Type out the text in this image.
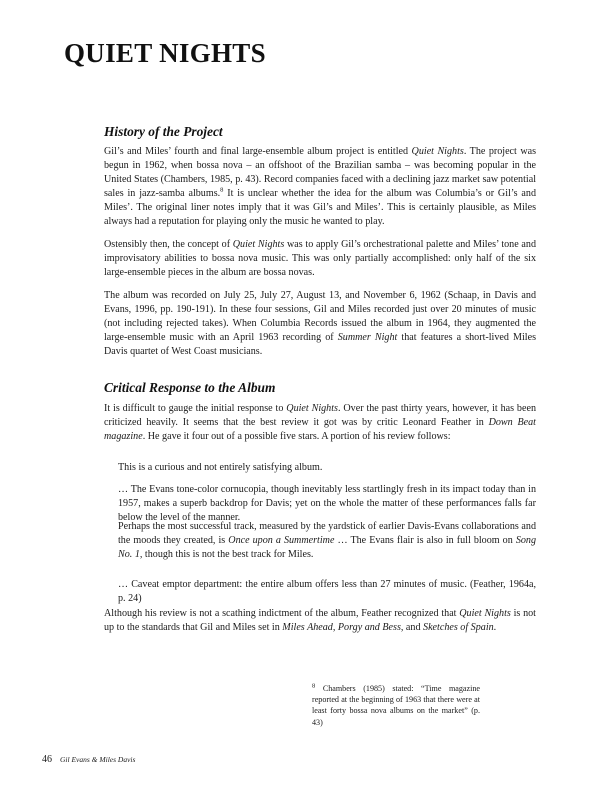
QUIET NIGHTS
History of the Project

Gil’s and Miles’ fourth and final large-ensemble album project is entitled Quiet Nights. The project was begun in 1962, when bossa nova – an offshoot of the Brazilian samba – was becoming popular in the United States (Chambers, 1985, p. 43). Record companies faced with a declining jazz market saw potential sales in jazz-samba albums.$^8$ It is unclear whether the idea for the album was Columbia’s or Gil’s and Miles’. The original liner notes imply that it was Gil’s and Miles’. This is certainly plausible, as Miles always had a reputation for playing only the music he wanted to play.

Ostensibly then, the concept of Quiet Nights was to apply Gil’s orchestrational palette and Miles’ tone and improvisatory abilities to bossa nova music. This was only partially accomplished: only half of the six large-ensemble pieces in the album are bossa novas.

The album was recorded on July 25, July 27, August 13, and November 6, 1962 (Schaap, in Davis and Evans, 1996, pp. 190-191). In these four sessions, Gil and Miles recorded just over 20 minutes of music (not including rejected takes). When Columbia Records issued the album in 1964, they augmented the large-ensemble music with an April 1963 recording of Summer Night that features a short-lived Miles Davis quartet of West Coast musicians.

Critical Response to the Album

It is difficult to gauge the initial response to Quiet Nights. Over the past thirty years, however, it has been criticized heavily. It seems that the best review it got was by critic Leonard Feather in Down Beat magazine. He gave it four out of a possible five stars. A portion of his review follows:

This is a curious and not entirely satisfying album.

… The Evans tone-color cornucopia, though inevitably less startlingly fresh in its impact today than in 1957, makes a superb backdrop for Davis; yet on the whole the matter of these performances falls far below the level of the manner.

Perhaps the most successful track, measured by the yardstick of earlier Davis-Evans collaborations and the moods they created, is Once upon a Summertime … The Evans flair is also in full bloom on Song No. 1, though this is not the best track for Miles.

… Caveat emptor department: the entire album offers less than 27 minutes of music. (Feather, 1964a, p. 24)

Although his review is not a scathing indictment of the album, Feather recognized that Quiet Nights is not up to the standards that Gil and Miles set in Miles Ahead, Porgy and Bess, and Sketches of Spain.

$^8$ Chambers (1985) stated: “Time magazine reported at the beginning of 1963 that there were at least forty bossa nova albums on the market” (p. 43)

46 Gil Evans & Miles Davis
